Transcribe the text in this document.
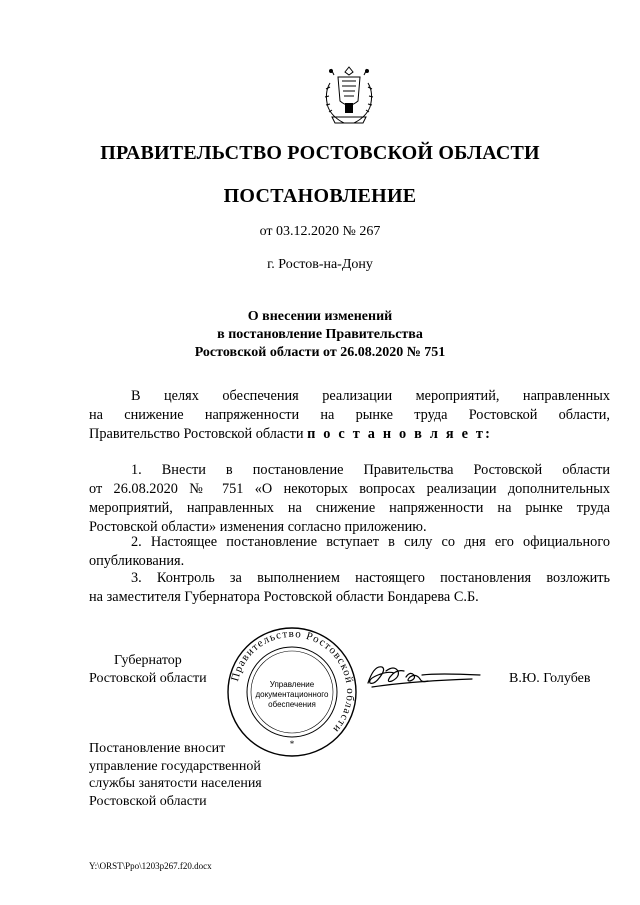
ПРАВИТЕЛЬСТВО РОСТОВСКОЙ ОБЛАСТИ
ПОСТАНОВЛЕНИЕ
от 03.12.2020 № 267
г. Ростов-на-Дону
О внесении изменений
в постановление Правительства
Ростовской области от 26.08.2020 № 751
В целях обеспечения реализации мероприятий, направленных
на снижение напряженности на рынке труда Ростовской области,
Правительство Ростовской области п о с т а н о в л я е т:
1. Внести в постановление Правительства Ростовской области
от 26.08.2020 № 751 «О некоторых вопросах реализации дополнительных
мероприятий, направленных на снижение напряженности на рынке труда
Ростовской области» изменения согласно приложению.
2. Настоящее постановление вступает в силу со дня его официального
опубликования.
3. Контроль за выполнением настоящего постановления возложить
на заместителя Губернатора Ростовской области Бондарева С.Б.
Губернатор
Ростовской области	В.Ю. Голубев
Правительство Ростовской области
Управление
документационного
обеспечения
*
Постановление вносит
управление государственной
службы занятости населения
Ростовской области
Y:\ORST\Ppo\1203p267.f20.docx
